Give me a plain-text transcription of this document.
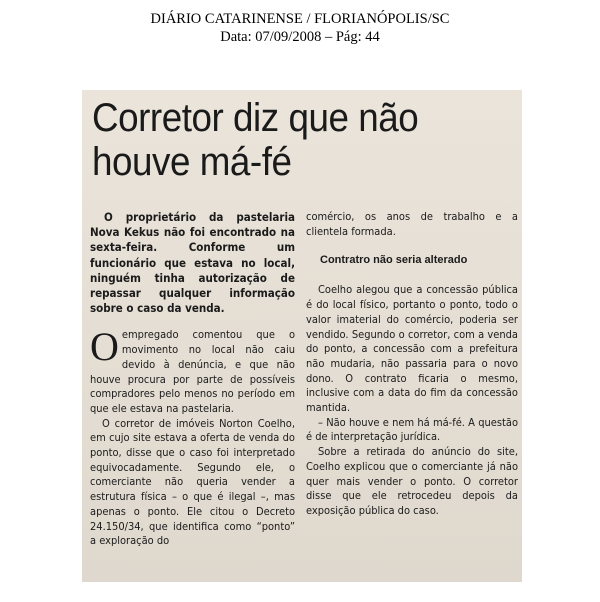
DIÁRIO CATARINENSE / FLORIANÓPOLIS/SC
Data: 07/09/2008 – Pág: 44
Corretor diz que não houve má-fé

O proprietário da pastelaria Nova Kekus não foi encontrado na sexta-feira. Conforme um funcionário que estava no local, ninguém tinha autorização de repassar qualquer informação sobre o caso da venda.

Oempregado comentou que o movimento no local não caiu devido à denúncia, e que não houve procura por parte de possíveis compradores pelo menos no período em que ele estava na pastelaria.

O corretor de imóveis Norton Coelho, em cujo site estava a oferta de venda do ponto, disse que o caso foi interpretado equivocadamente. Segundo ele, o comerciante não queria vender a estrutura física – o que é ilegal –, mas apenas o ponto. Ele citou o Decreto 24.150/34, que identifica como “ponto” a exploração do

comércio, os anos de trabalho e a clientela formada.

Contratro não seria alterado

Coelho alegou que a concessão pública é do local físico, portanto o ponto, todo o valor imaterial do comércio, poderia ser vendido. Segundo o corretor, com a venda do ponto, a concessão com a prefeitura não mudaria, não passaria para o novo dono. O contrato ficaria o mesmo, inclusive com a data do fim da concessão mantida.

– Não houve e nem há má-fé. A questão é de interpretação jurídica.

Sobre a retirada do anúncio do site, Coelho explicou que o comerciante já não quer mais vender o ponto. O corretor disse que ele retrocedeu depois da exposição pública do caso.
